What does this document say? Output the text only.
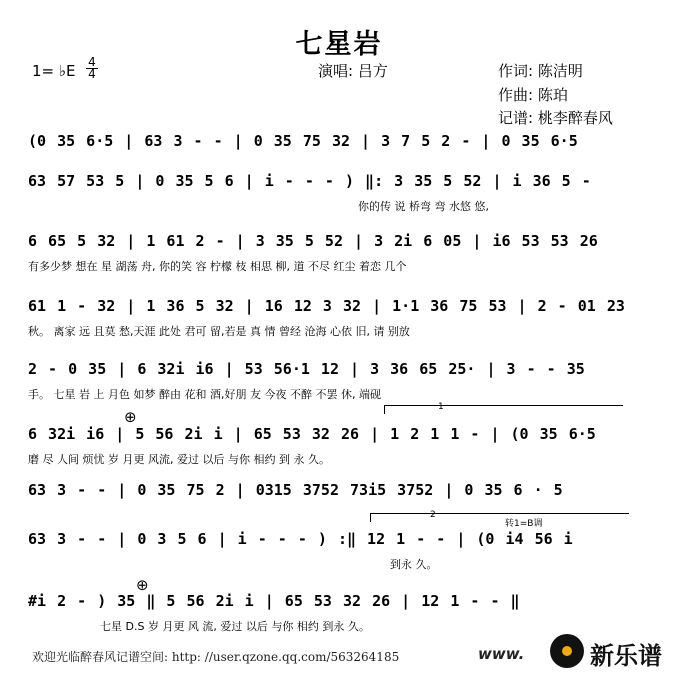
七星岩
1= ♭E 4
4	演唱: 吕方	作词: 陈洁明
作曲: 陈珀
记谱: 桃李醉春风
(0 35 6·5 | 63 3 - - | 0 35 75 32 | 3 7 5 2 - | 0 35 6·5
63 57 53 5 | 0 35 5 6 | i - - - ) ‖: 3 35 5 52 | i 36 5 -
你的传 说 桥弯 弯 水悠 悠,
6 65 5 32 | 1 61 2 - | 3 35 5 52 | 3 2i 6 05 | i6 53 53 26
有多少梦 想在 星 湖荡 舟, 你的笑 容 柠檬 枝 相思 柳, 道 不尽 红尘 着恋 几个
61 1 - 32 | 1 36 5 32 | 16 12 3 32 | 1·1 36 75 53 | 2 - 01 23
秋。 离家 远 且莫 愁,天涯 此处 君可 留,若是 真 情 曾经 沧海 心依 旧, 请 别放
2 - 0 35 | 6 32i i6 | 53 56·1 12 | 3 36 65 25· | 3 - - 35
手。 七星 岩 上 月色 如梦 醉由 花和 酒,好朋 友 今夜 不醉 不罢 休, 端砚
1
⊕
6 32i i6 | 5 56 2i i | 65 53 32 26 | 1 2 1 1 - | (0 35 6·5
磨 尽 人间 烦忧 岁 月更 风流, 爱过 以后 与你 相约 到 永 久。
63 3 - - | 0 35 75 2 | 0315 3752 73i5 3752 | 0 35 6 · 5
2
转1=B调
63 3 - - | 0 3 5 6 | i - - - ) :‖ 12 1 - - | (0 i4 56 i
到永 久。
⊕
#i 2 - ) 35 ‖ 5 56 2i i | 65 53 32 26 | 12 1 - - ‖
七星 D.S 岁 月更 风 流, 爱过 以后 与你 相约 到永 久。
欢迎光临醉春风记谱空间: http: //user.qzone.qq.com/563264185	www.	新乐谱
